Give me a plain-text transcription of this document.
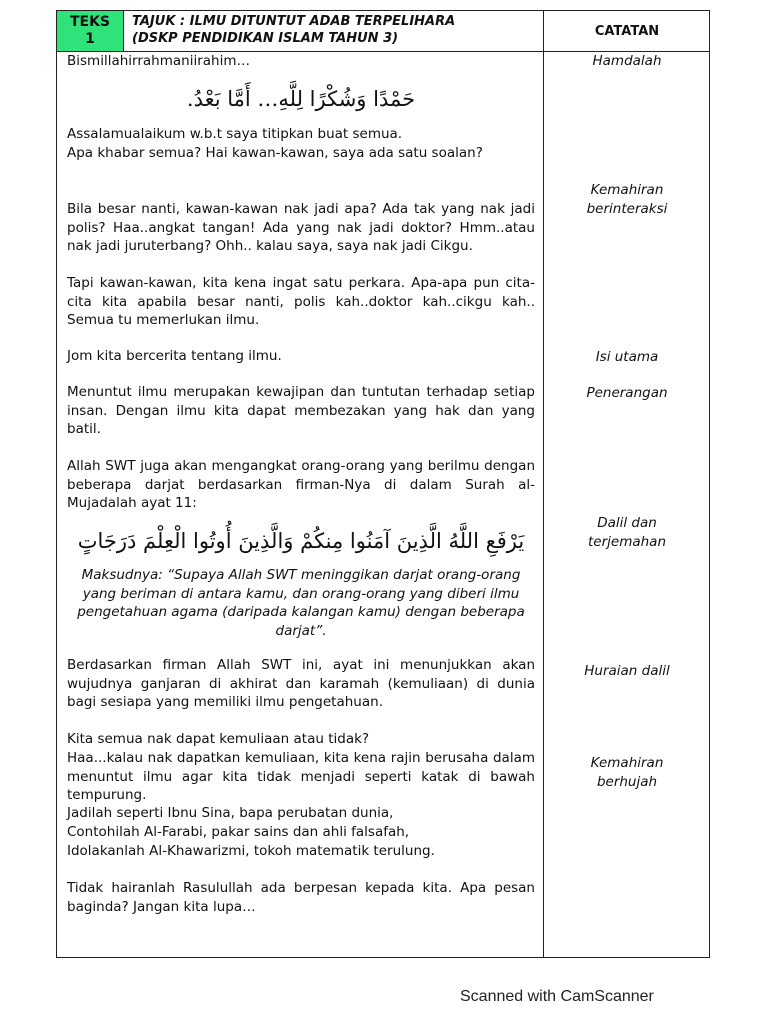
TEKS
1
TAJUK : ILMU DITUNTUT ADAB TERPELIHARA
(DSKP PENDIDIKAN ISLAM TAHUN 3)	CATATAN
Bismillahirrahmaniirahim…
حَمْدًا وَشُكْرًا لِلَّهِ… أَمَّا بَعْدُ.
Assalamualaikum w.b.t saya titipkan buat semua.
Apa khabar semua? Hai kawan-kawan, saya ada satu soalan?
Bila besar nanti, kawan-kawan nak jadi apa? Ada tak yang nak jadi polis? Haa..angkat tangan! Ada yang nak jadi doktor? Hmm..atau nak jadi juruterbang? Ohh.. kalau saya, saya nak jadi Cikgu.
Tapi kawan-kawan, kita kena ingat satu perkara. Apa-apa pun cita-cita kita apabila besar nanti, polis kah..doktor kah..cikgu kah.. Semua tu memerlukan ilmu.
Jom kita bercerita tentang ilmu.
Menuntut ilmu merupakan kewajipan dan tuntutan terhadap setiap insan. Dengan ilmu kita dapat membezakan yang hak dan yang batil.
Allah SWT juga akan mengangkat orang-orang yang berilmu dengan beberapa darjat berdasarkan firman-Nya di dalam Surah al-Mujadalah ayat 11:
يَرْفَعِ اللَّهُ الَّذِينَ آمَنُوا مِنكُمْ وَالَّذِينَ أُوتُوا الْعِلْمَ دَرَجَاتٍ
Maksudnya: “Supaya Allah SWT meninggikan darjat orang-orang yang beriman di antara kamu, dan orang-orang yang diberi ilmu pengetahuan agama (daripada kalangan kamu) dengan beberapa darjat”.
Berdasarkan firman Allah SWT ini, ayat ini menunjukkan akan wujudnya ganjaran di akhirat dan karamah (kemuliaan) di dunia bagi sesiapa yang memiliki ilmu pengetahuan.
Kita semua nak dapat kemuliaan atau tidak?
Haa...kalau nak dapatkan kemuliaan, kita kena rajin berusaha dalam menuntut ilmu agar kita tidak menjadi seperti katak di bawah tempurung.
Jadilah seperti Ibnu Sina, bapa perubatan dunia,
Contohilah Al-Farabi, pakar sains dan ahli falsafah,
Idolakanlah Al-Khawarizmi, tokoh matematik terulung.
Tidak hairanlah Rasulullah ada berpesan kepada kita. Apa pesan baginda? Jangan kita lupa…
Hamdalah
Kemahiran berinteraksi
Isi utama
Penerangan
Dalil dan terjemahan
Huraian dalil
Kemahiran berhujah
Scanned with CamScanner
